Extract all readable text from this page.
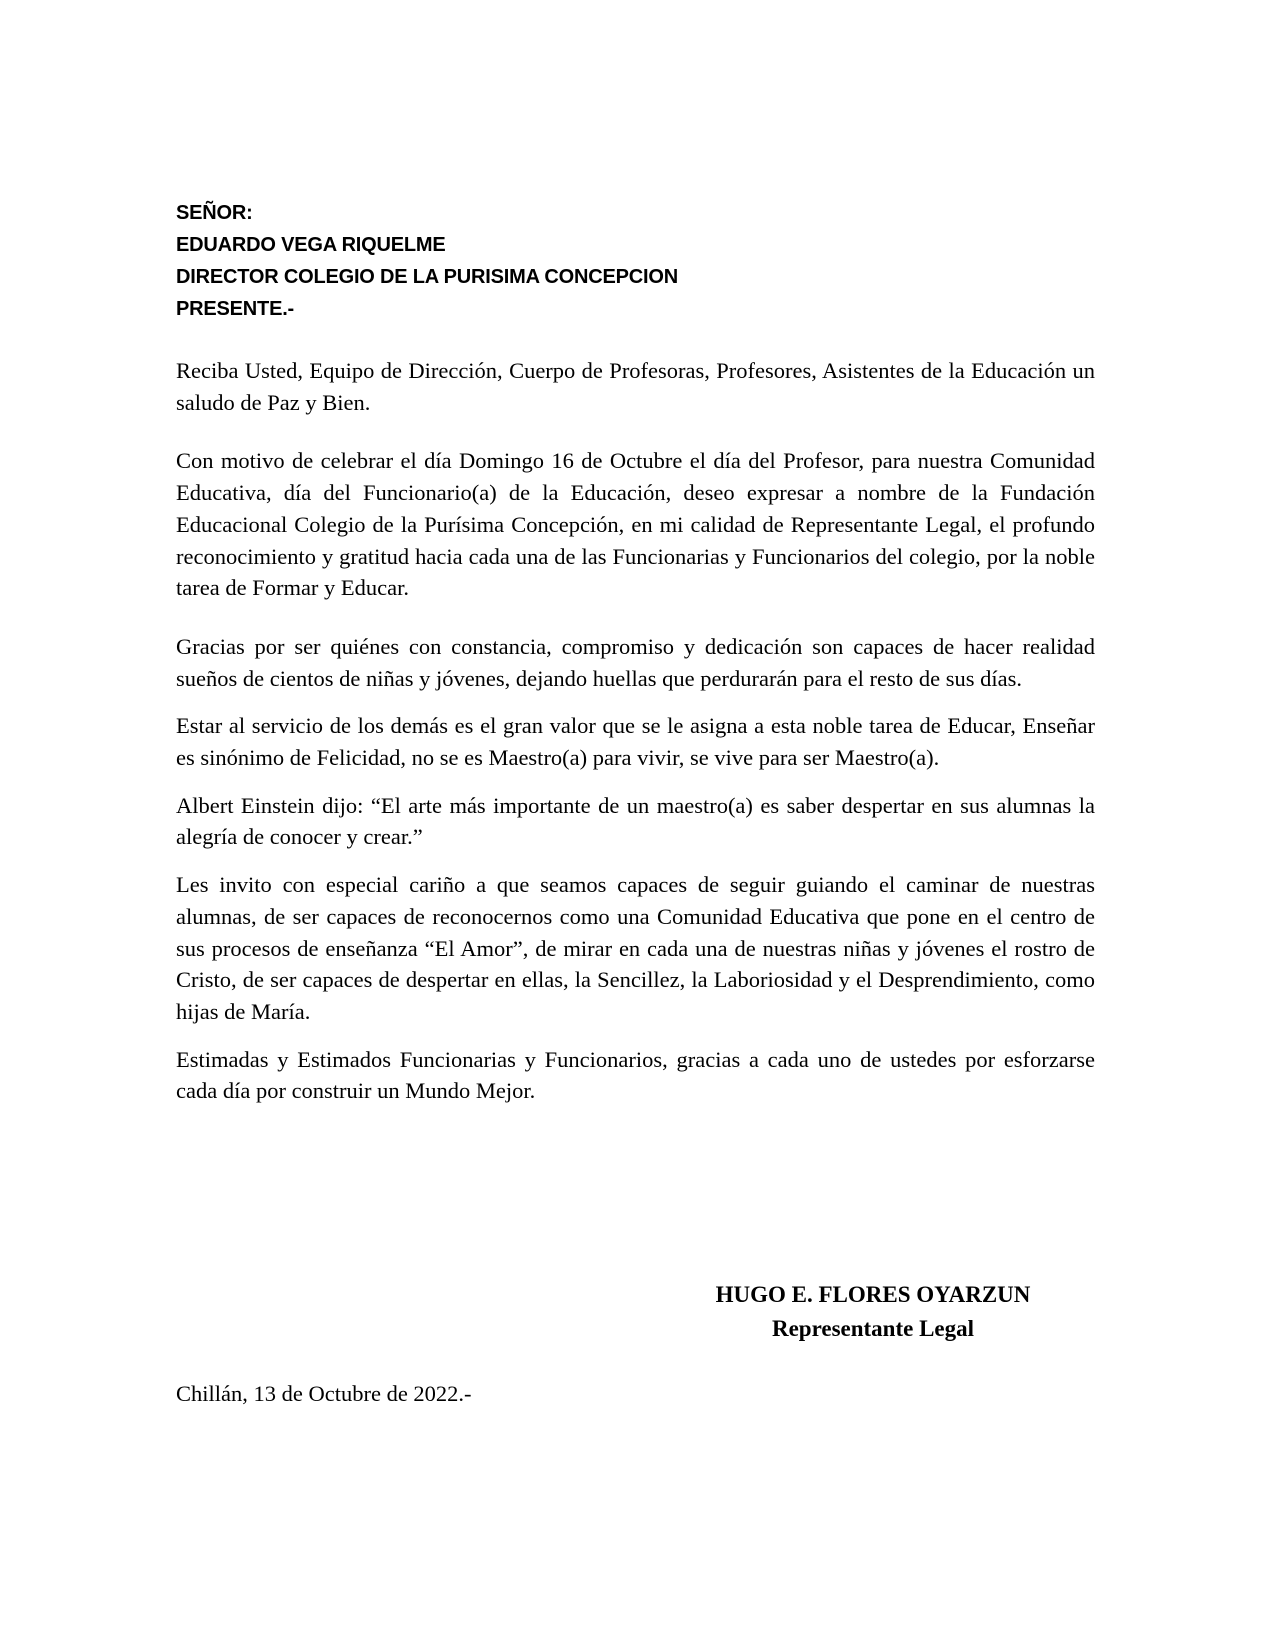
SEÑOR:
EDUARDO VEGA RIQUELME
DIRECTOR COLEGIO DE LA PURISIMA CONCEPCION
PRESENTE.-

Reciba Usted, Equipo de Dirección, Cuerpo de Profesoras, Profesores, Asistentes de la Educación un saludo de Paz y Bien.

Con motivo de celebrar el día Domingo 16 de Octubre el día del Profesor, para nuestra Comunidad Educativa, día del Funcionario(a) de la Educación, deseo expresar a nombre de la Fundación Educacional Colegio de la Purísima Concepción, en mi calidad de Representante Legal, el profundo reconocimiento y gratitud hacia cada una de las Funcionarias y Funcionarios del colegio, por la noble tarea de Formar y Educar.

Gracias por ser quiénes con constancia, compromiso y dedicación son capaces de hacer realidad sueños de cientos de niñas y jóvenes, dejando huellas que perdurarán para el resto de sus días.

Estar al servicio de los demás es el gran valor que se le asigna a esta noble tarea de Educar, Enseñar es sinónimo de Felicidad, no se es Maestro(a) para vivir, se vive para ser Maestro(a).

Albert Einstein dijo: “El arte más importante de un maestro(a) es saber despertar en sus alumnas la alegría de conocer y crear.”

Les invito con especial cariño a que seamos capaces de seguir guiando el caminar de nuestras alumnas, de ser capaces de reconocernos como una Comunidad Educativa que pone en el centro de sus procesos de enseñanza “El Amor”, de mirar en cada una de nuestras niñas y jóvenes el rostro de Cristo, de ser capaces de despertar en ellas, la Sencillez, la Laboriosidad y el Desprendimiento, como hijas de María.

Estimadas y Estimados Funcionarias y Funcionarios, gracias a cada uno de ustedes por esforzarse cada día por construir un Mundo Mejor.

HUGO E. FLORES OYARZUN
Representante Legal
Chillán, 13 de Octubre de 2022.-
